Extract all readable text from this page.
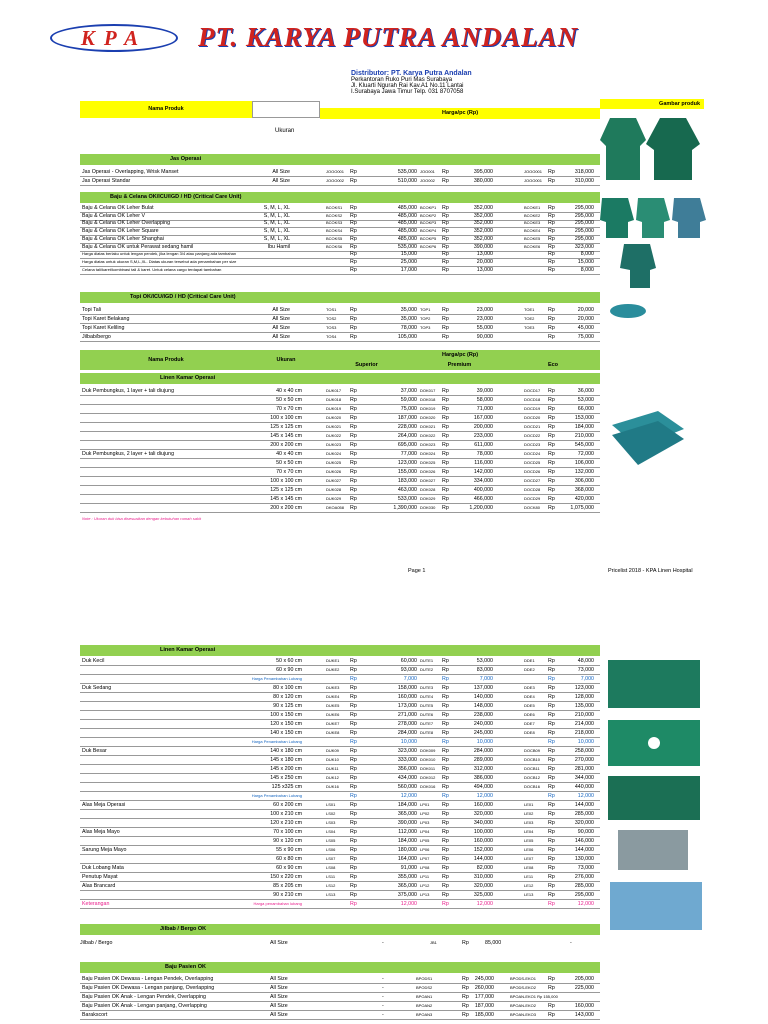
KPA	PT. KARYA PUTRA ANDALAN
Distributor: PT. Karya Putra Andalan
Perkantoran Ruko Puri Mas Surabaya
Jl. Kluarti Ngurah Rai Kav.A1 No.11 Lantai
I.Surabaya Jawa Timur Telp. 031 8707058
Nama Produk
Harga/pc (Rp)
Gambar produk
Ukuran
Jas Operasi
Jas Operasi - Overlapping, Wrisk Manset	All Size	JOOO001 Rp	535,000 JOO001 Rp	395,000	JOOO001 Rp	318,000
Jas Operasi Standar	All Size	JOOO002 Rp	510,000 JOO002 Rp	380,000	JOOO001 Rp	310,000
Baju & Celana OK/ICU/IGD / HD (Critical Care Unit)
Baju & Celana OK Leher Bulat	S, M, L, XL	BCOKS1 Rp	485,000 BCOKP1 Rp	352,000	BCOKE1 Rp	295,000
Baju & Celana OK Leher V	S, M, L, XL	BCOKS2 Rp	485,000 BCOKP2 Rp	352,000	BCOKE2 Rp	295,000
Baju & Celana OK Leher Overlapping	S, M, L, XL	BCOKS3 Rp	485,000 BCOKP3 Rp	352,000	BCOKE3 Rp	295,000
Baju & Celana OK Leher Square	S, M, L, XL	BCOKS4 Rp	485,000 BCOKP4 Rp	352,000	BCOKE4 Rp	295,000
Baju & Celana OK Leher Shanghai	S, M, L, XL	BCOKS5 Rp	485,000 BCOKP5 Rp	352,000	BCOKE5 Rp	295,000
Baju & Celana OK untuk Perawat sedang hamil	Ibu Hamil	BCOKS6 Rp	535,000 BCOKP6 Rp	390,000	BCOKE6 Rp	323,000
Harga diatas berlaku untuk lengan pendek, jika lengan 3/4 atau panjang ada tambahan	Rp	15,000	Rp	13,000	Rp	8,000
Harga diatas untuk ukuran S,M,L,XL. Diatas ukuran tersebut ada penambahan per size	Rp	25,000	Rp	20,000	Rp	15,000
Celana tali/karet/kombinasi tali & karet. Untuk celana cargo terdapat tambahan	Rp	17,000	Rp	13,000	Rp	8,000
Topi OK/ICU/IGD / HD (Critical Care Unit)
Topi Tali	All Size	TOS1	Rp	35,000 TOP1 Rp	23,000	TOE1	Rp	20,000
Topi Karet Belakang	All Size	TOS2	Rp	35,000 TOP2 Rp	23,000	TOE2	Rp	20,000
Topi Karet Keliling	All Size	TOS3	Rp	78,000 TOP3 Rp	55,000	TOE3	Rp	45,000
Jilbab/bergo	All Size	TOS4	Rp	105,000	Rp	90,000	Rp	75,000
Nama Produk	Ukuran
Harga/pc (Rp)
Superior	Premium	Eco
Linen Kamar Operasi
Duk Pembungkus, 1 layer + tali diujung	40 x 40 cm	DUK017 Rp	37,000 DOK017 Rp	39,000	DOCD17 Rp	36,000
50 x 50 cm	DUK018 Rp	59,000 DOK018 Rp	58,000	DOCD18 Rp	53,000
70 x 70 cm	DUK019 Rp	75,000 DOK019 Rp	71,000	DOCD19 Rp	66,000
100 x 100 cm	DUK020 Rp	187,000 DOK020 Rp	167,000	DOCD20 Rp	153,000
125 x 125 cm	DUK021 Rp	228,000 DOK021 Rp	200,000	DOCD21 Rp	184,000
145 x 145 cm	DUK022 Rp	264,000 DOK022 Rp	233,000	DOCD22 Rp	210,000
200 x 200 cm	DUK023 Rp	695,000 DOK023 Rp	611,000	DOCD23 Rp	545,000
Duk Pembungkus, 2 layer + tali diujung	40 x 40 cm	DUK024 Rp	77,000 DOK024 Rp	78,000	DOCD24 Rp	72,000
50 x 50 cm	DUK025 Rp	123,000 DOK025 Rp	116,000	DOCD25 Rp	106,000
70 x 70 cm	DUK026 Rp	155,000 DOK026 Rp	142,000	DOCD26 Rp	132,000
100 x 100 cm	DUK027 Rp	183,000 DOK027 Rp	334,000	DOCD27 Rp	306,000
125 x 125 cm	DUK028 Rp	463,000 DOK028 Rp	400,000	DOCD28 Rp	368,000
145 x 145 cm	DUK029 Rp	533,000 DOK029 Rp	466,000	DOCD29 Rp	420,000
200 x 200 cm	DKOA058 Rp	1,390,000 DOK030 Rp	1,200,000	DOCK80 Rp	1,075,000
Note : Ukuran duk bisa disesuaikan dengan kebutuhan rumah sakit
Page 1	Pricelist 2018 - KPA Linen Hospital
Linen Kamar Operasi
Duk Kecil	50 x 60 cm	DUKE1 Rp	60,000 DUTE1 Rp	53,000	DDE1	Rp	48,000
60 x 90 cm	DUKE2 Rp	93,000 DUTE2 Rp	83,000	DDE2	Rp	73,000
Harga Penambahan Lubang	Rp	7,000	Rp	7,000	Rp	7,000
Duk Sedang	80 x 100 cm	DUKE3 Rp	158,000 DUTE3 Rp	137,000	DDE3	Rp	123,000
80 x 120 cm	DUKE4 Rp	160,000 DUTE4 Rp	140,000	DDE4	Rp	128,000
90 x 125 cm	DUKE5 Rp	173,000 DUTE5 Rp	148,000	DDE5	Rp	135,000
100 x 150 cm	DUKE6 Rp	271,000 DUTE6 Rp	238,000	DDE6	Rp	210,000
120 x 150 cm	DUKE7 Rp	278,000 DUTE7 Rp	240,000	DDE7	Rp	214,000
140 x 150 cm	DUKE8 Rp	284,000 DUTE8 Rp	245,000	DDE8	Rp	218,000
Harga Penambahan Lubang	Rp	10,000	Rp	10,000	Rp	10,000
Duk Besar	140 x 180 cm	DUK09 Rp	323,000 DOK009 Rp	284,000	DOCB09 Rp	258,000
145 x 180 cm	DUK10 Rp	333,000 DOK010 Rp	289,000	DOCB10 Rp	270,000
145 x 200 cm	DUK11 Rp	356,000 DOK011 Rp	312,000	DOCB11 Rp	281,000
145 x 250 cm	DUK12 Rp	434,000 DOK012 Rp	386,000	DOCB12 Rp	344,000
125 x325 cm	DUK16 Rp	560,000 DOK016 Rp	494,000	DOCB16 Rp	440,000
Harga Penambahan Lubang	Rp	12,000	Rp	12,000	Rp	12,000
Alas Meja Operasi	60 x 200 cm	LS01	Rp	184,000 LP01 Rp	160,000	LE01	Rp	144,000
100 x 210 cm	LS02	Rp	365,000 LP02 Rp	320,000	LE02	Rp	285,000
120 x 210 cm	LS03	Rp	390,000 LP03 Rp	340,000	LE03	Rp	320,000
Alas Meja Mayo	70 x 100 cm	LS04	Rp	112,000 LP04 Rp	100,000	LE04	Rp	90,000
90 x 120 cm	LS05	Rp	184,000 LP05 Rp	160,000	LE05	Rp	146,000
Sarung Meja Mayo	55 x 90 cm	LS06	Rp	180,000 LP06 Rp	152,000	LE06	Rp	144,000
60 x 80 cm	LS07	Rp	164,000 LP07 Rp	144,000	LE07	Rp	130,000
Duk Lobang Mata	60 x 90 cm	LS08	Rp	91,000 LP08 Rp	82,000	LE08	Rp	73,000
Penutup Mayat	150 x 220 cm	LS11	Rp	355,000 LP11 Rp	310,000	LE11	Rp	276,000
Alas Brancard	85 x 205 cm	LS12	Rp	365,000 LP12 Rp	320,000	LE12	Rp	285,000
90 x 210 cm	LS13	Rp	375,000 LP13 Rp	325,000	LE13	Rp	295,000
Keterangan	Harga penambahan lubang	Rp	12,000	Rp	12,000	Rp	12,000
Jilbab / Bergo OK
Jilbab / Bergo	All Size	-	JB1	Rp	85,000	-
Baju Pasien OK
Baju Pasien OK Dewasa - Lengan Pendek, Overlapping	All Size	-	BPODS1	Rp	245,000	BPODS-EKO1 Rp	205,000
Baju Pasien OK Dewasa - Lengan panjang, Overlapping	All Size	-	BPODS2	Rp	260,000	BPODS-EKO2 Rp	225,000
Baju Pasien OK Anak - Lengan Pendek, Overlapping	All Size	-	BPOAN1	Rp	177,000	BPOAN-EKO1 Rp 155,000
Baju Pasien OK Anak - Lengan panjang, Overlapping	All Size	-	BPOAN2	Rp	187,000	BPOAN-EKO2 Rp	160,000
Barakscort	All Size	-	BPOAN3	Rp	185,000	BPOAN-EKO3 Rp	143,000
